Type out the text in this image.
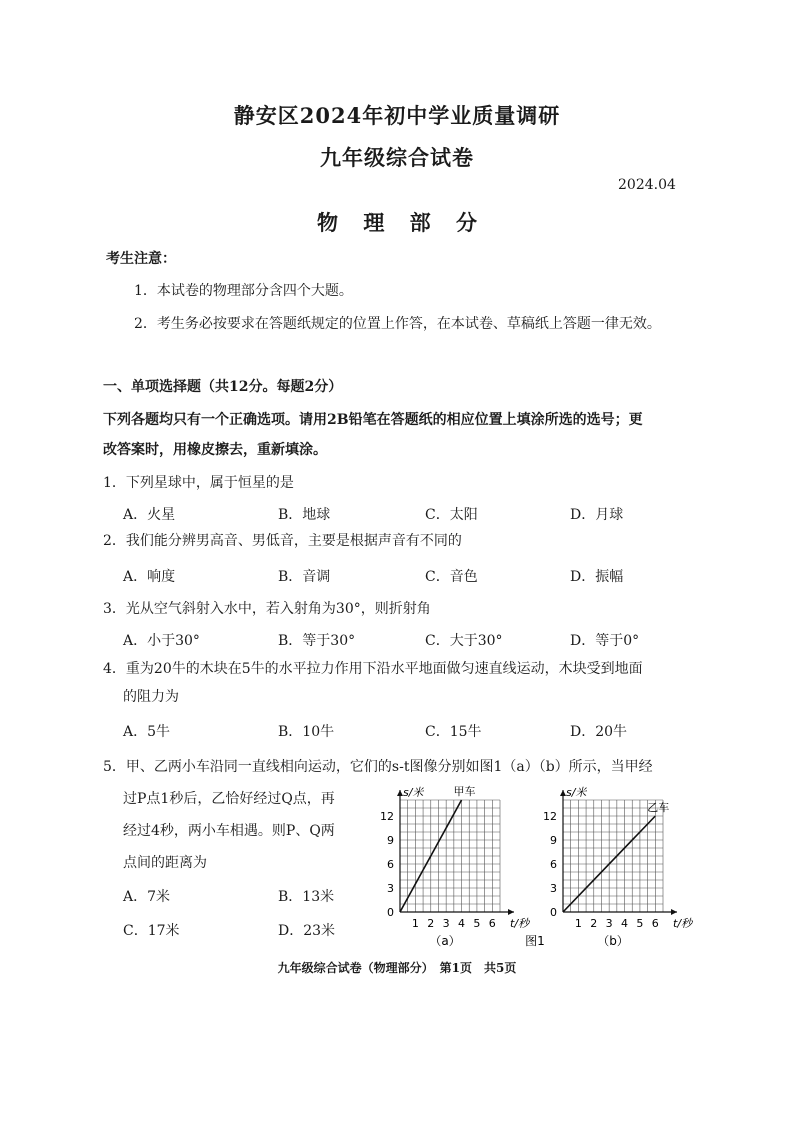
静安区2024年初中学业质量调研
九年级综合试卷
2024.04
物 理 部 分
考生注意：
1．本试卷的物理部分含四个大题。
2．考生务必按要求在答题纸规定的位置上作答，在本试卷、草稿纸上答题一律无效。
一、单项选择题（共12分。每题2分）
下列各题均只有一个正确选项。请用2B铅笔在答题纸的相应位置上填涂所选的选号；更
改答案时，用橡皮擦去，重新填涂。
1．下列星球中，属于恒星的是
A．火星	B．地球	C．太阳	D．月球
2．我们能分辨男高音、男低音，主要是根据声音有不同的
A．响度	B．音调	C．音色	D．振幅
3．光从空气斜射入水中，若入射角为30°，则折射角
A．小于30°	B．等于30°	C．大于30°	D．等于0°
4．重为20牛的木块在5牛的水平拉力作用下沿水平地面做匀速直线运动，木块受到地面
的阻力为
A．5牛	B．10牛	C．15牛	D．20牛
5．甲、乙两小车沿同一直线相向运动，它们的s-t图像分别如图1（a）（b）所示，当甲经
过P点1秒后，乙恰好经过Q点，再
经过4秒，两小车相遇。则P、Q两
点间的距离为
A．7米	B．13米
C．17米	D．23米
s/米
t/秒
0
3
6
9
12
1 2 3 4 5 6
甲车	s/米
t/秒
0
3
6
9
12
1 2 3 4 5 6
乙车
（a）	图1	（b）
九年级综合试卷（物理部分）　第1页　共5页
